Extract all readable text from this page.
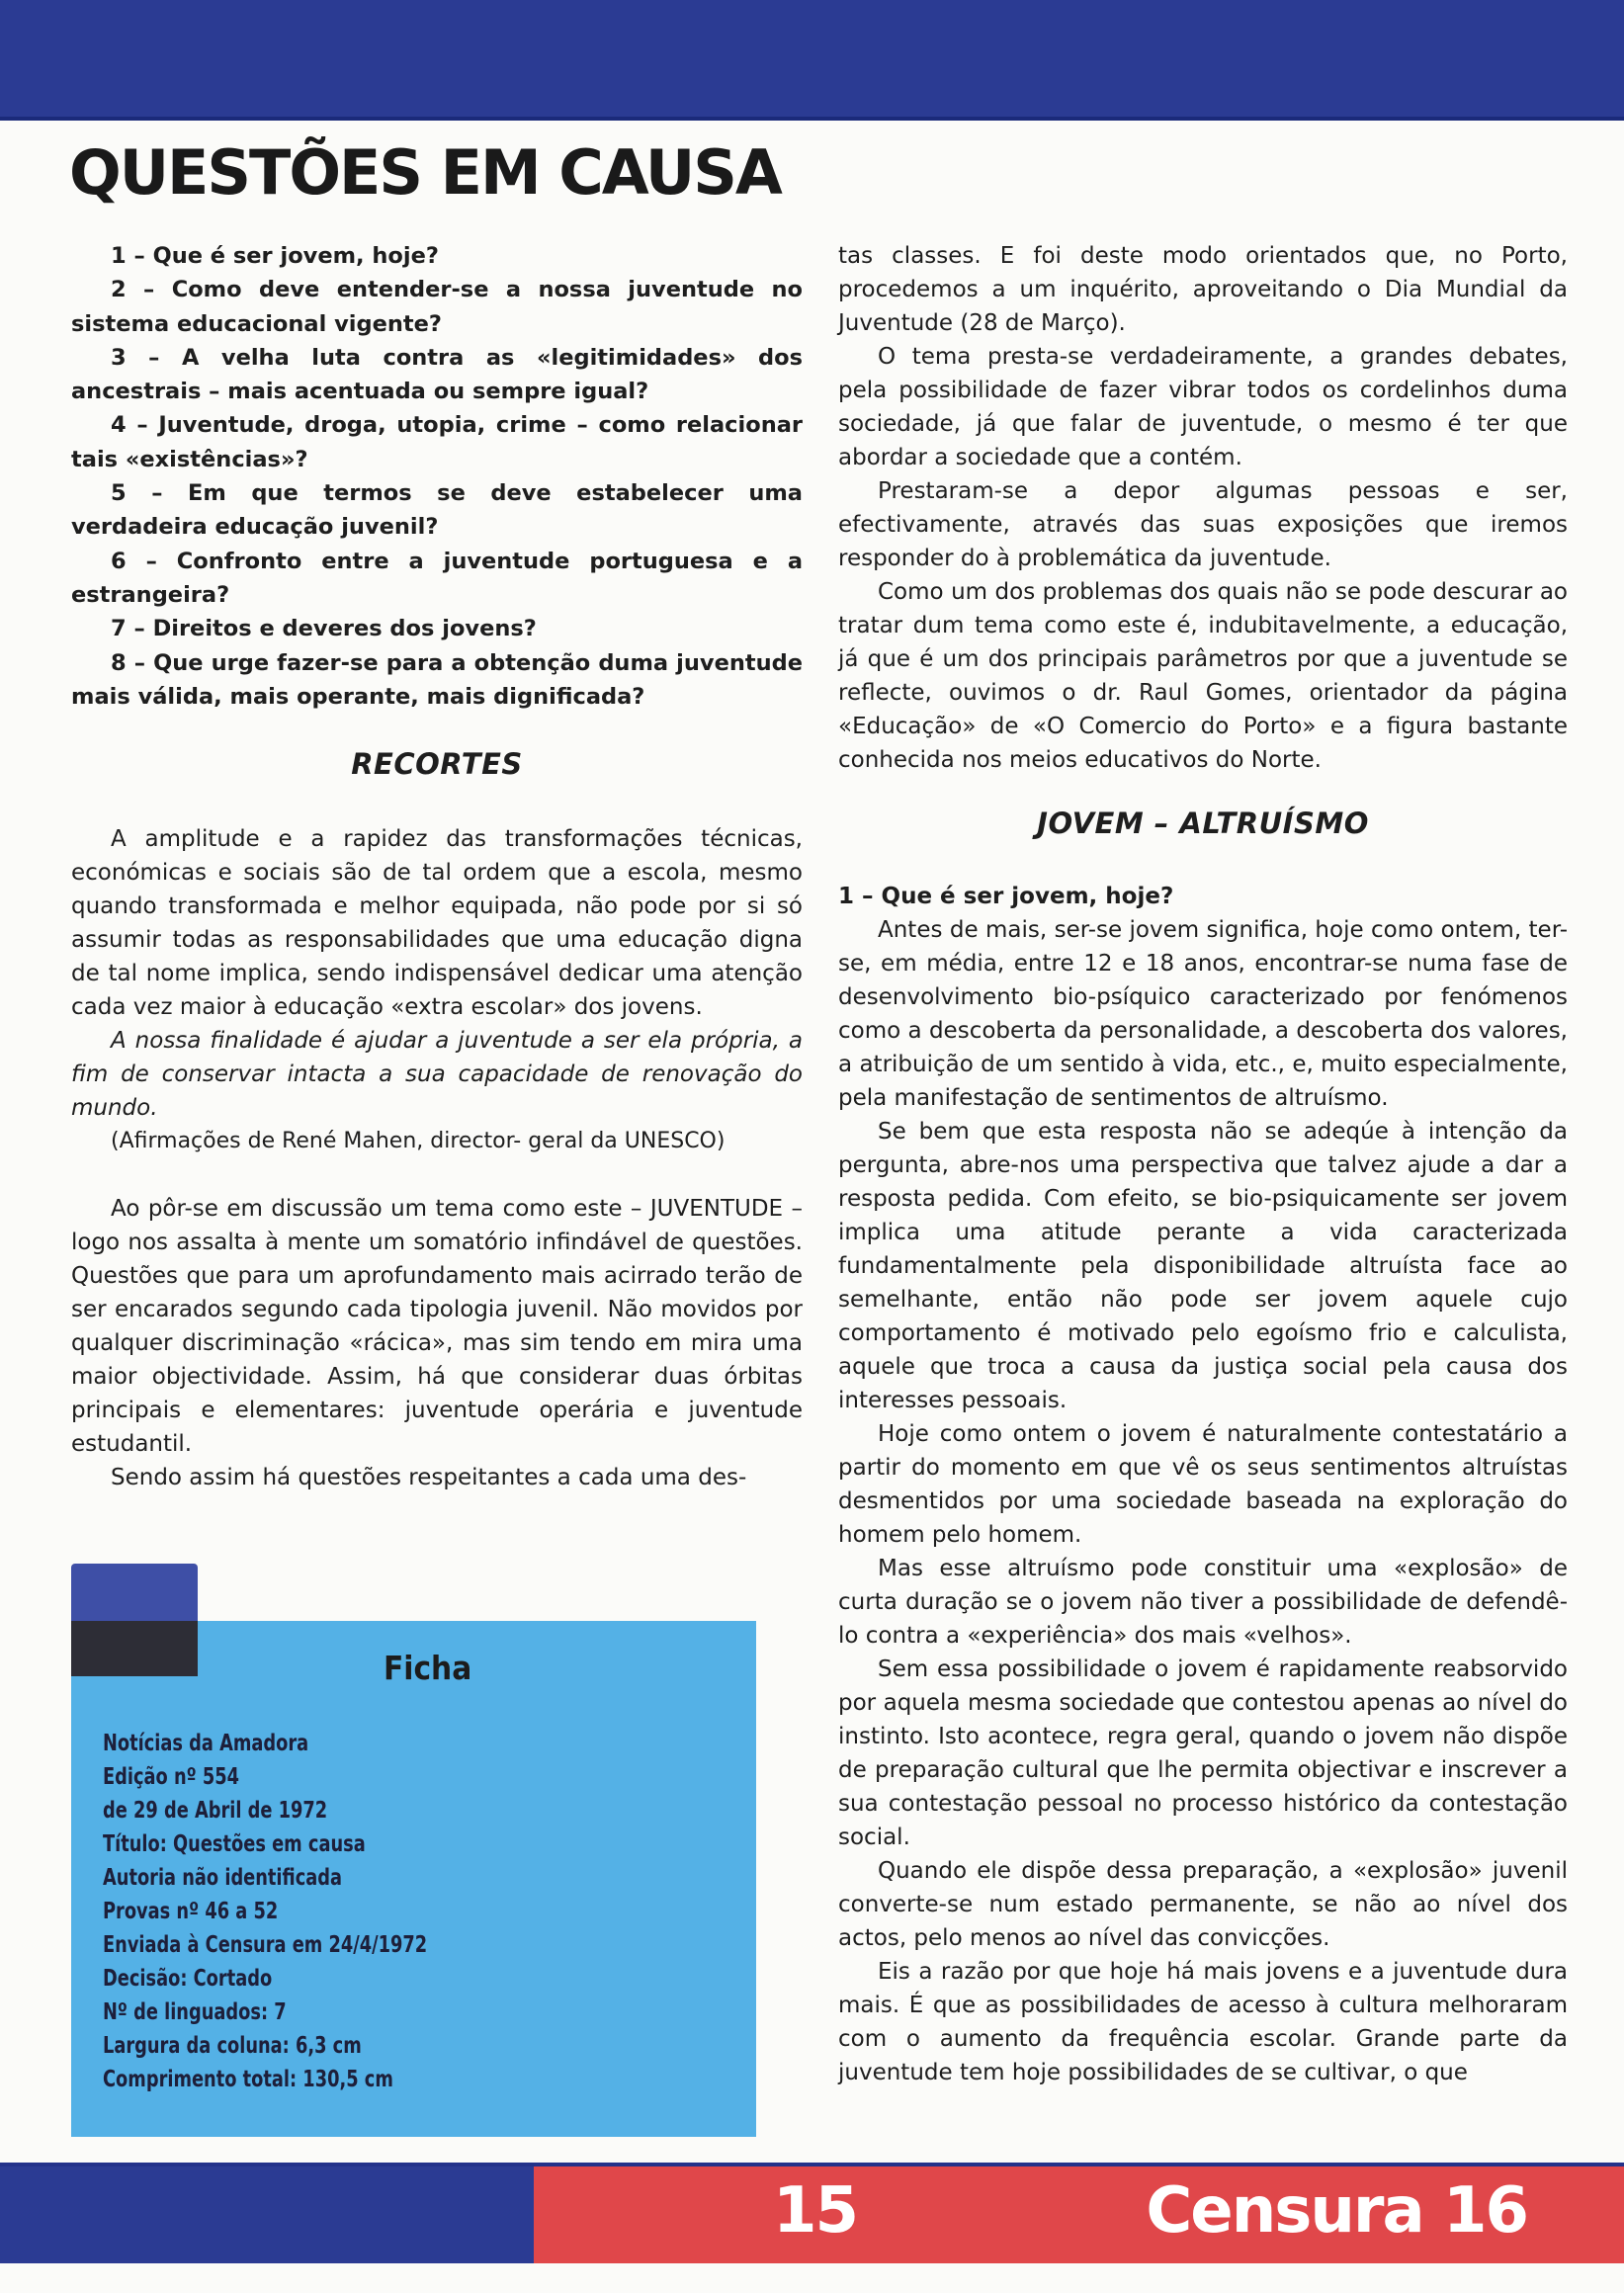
QUESTÕES EM CAUSA

1 – Que é ser jovem, hoje?

2 – Como deve entender-se a nossa juventude no sistema educacional vigente?

3 – A velha luta contra as «legitimidades» dos ancestrais – mais acentuada ou sempre igual?

4 – Juventude, droga, utopia, crime – como relacionar tais «existências»?

5 – Em que termos se deve estabelecer uma verdadeira educação juvenil?

6 – Confronto entre a juventude portuguesa e a estrangeira?

7 – Direitos e deveres dos jovens?

8 – Que urge fazer-se para a obtenção duma juventude mais válida, mais operante, mais dignificada?

RECORTES

A amplitude e a rapidez das transformações técnicas, económicas e sociais são de tal ordem que a escola, mesmo quando transformada e melhor equipada, não pode por si só assumir todas as responsabilidades que uma educação digna de tal nome implica, sendo indispensável dedicar uma atenção cada vez maior à educação «extra escolar» dos jovens.

A nossa finalidade é ajudar a juventude a ser ela própria, a fim de conservar intacta a sua capacidade de renovação do mundo.

(Afirmações de René Mahen, director- geral da UNESCO)

Ao pôr-se em discussão um tema como este – JUVENTUDE – logo nos assalta à mente um somatório infindável de questões. Questões que para um aprofundamento mais acirrado terão de ser encarados segundo cada tipologia juvenil. Não movidos por qualquer discriminação «rácica», mas sim tendo em mira uma maior objectividade. Assim, há que considerar duas órbitas principais e elementares: juventude operária e juventude estudantil.

Sendo assim há questões respeitantes a cada uma des-

Ficha
Notícias da Amadora
Edição nº 554
de 29 de Abril de 1972
Título: Questões em causa
Autoria não identificada
Provas nº 46 a 52
Enviada à Censura em 24/4/1972
Decisão: Cortado
Nº de linguados: 7
Largura da coluna: 6,3 cm
Comprimento total: 130,5 cm

tas classes. E foi deste modo orientados que, no Porto, procedemos a um inquérito, aproveitando o Dia Mundial da Juventude (28 de Março).

O tema presta-se verdadeiramente, a grandes debates, pela possibilidade de fazer vibrar todos os cordelinhos duma sociedade, já que falar de juventude, o mesmo é ter que abordar a sociedade que a contém.

Prestaram-se a depor algumas pessoas e ser, efectivamente, através das suas exposições que iremos responder do à problemática da juventude.

Como um dos problemas dos quais não se pode descurar ao tratar dum tema como este é, indubitavelmente, a educação, já que é um dos principais parâmetros por que a juventude se reflecte, ouvimos o dr. Raul Gomes, orientador da página «Educação» de «O Comercio do Porto» e a figura bastante conhecida nos meios educativos do Norte.

JOVEM – ALTRUÍSMO

1 – Que é ser jovem, hoje?

Antes de mais, ser-se jovem significa, hoje como ontem, ter-se, em média, entre 12 e 18 anos, encontrar-se numa fase de desenvolvimento bio-psíquico caracterizado por fenómenos como a descoberta da personalidade, a descoberta dos valores, a atribuição de um sentido à vida, etc., e, muito especialmente, pela manifestação de sentimentos de altruísmo.

Se bem que esta resposta não se adeqúe à intenção da pergunta, abre-nos uma perspectiva que talvez ajude a dar a resposta pedida. Com efeito, se bio-psiquicamente ser jovem implica uma atitude perante a vida caracterizada fundamentalmente pela disponibilidade altruísta face ao semelhante, então não pode ser jovem aquele cujo comportamento é motivado pelo egoísmo frio e calculista, aquele que troca a causa da justiça social pela causa dos interesses pessoais.

Hoje como ontem o jovem é naturalmente contestatário a partir do momento em que vê os seus sentimentos altruístas desmentidos por uma sociedade baseada na exploração do homem pelo homem.

Mas esse altruísmo pode constituir uma «explosão» de curta duração se o jovem não tiver a possibilidade de defendê-lo contra a «experiência» dos mais «velhos».

Sem essa possibilidade o jovem é rapidamente reabsorvido por aquela mesma sociedade que contestou apenas ao nível do instinto. Isto acontece, regra geral, quando o jovem não dispõe de preparação cultural que lhe permita objectivar e inscrever a sua contestação pessoal no processo histórico da contestação social.

Quando ele dispõe dessa preparação, a «explosão» juvenil converte-se num estado permanente, se não ao nível dos actos, pelo menos ao nível das convicções.

Eis a razão por que hoje há mais jovens e a juventude dura mais. É que as possibilidades de acesso à cultura melhoraram com o aumento da frequência escolar. Grande parte da juventude tem hoje possibilidades de se cultivar, o que

15	Censura 16
